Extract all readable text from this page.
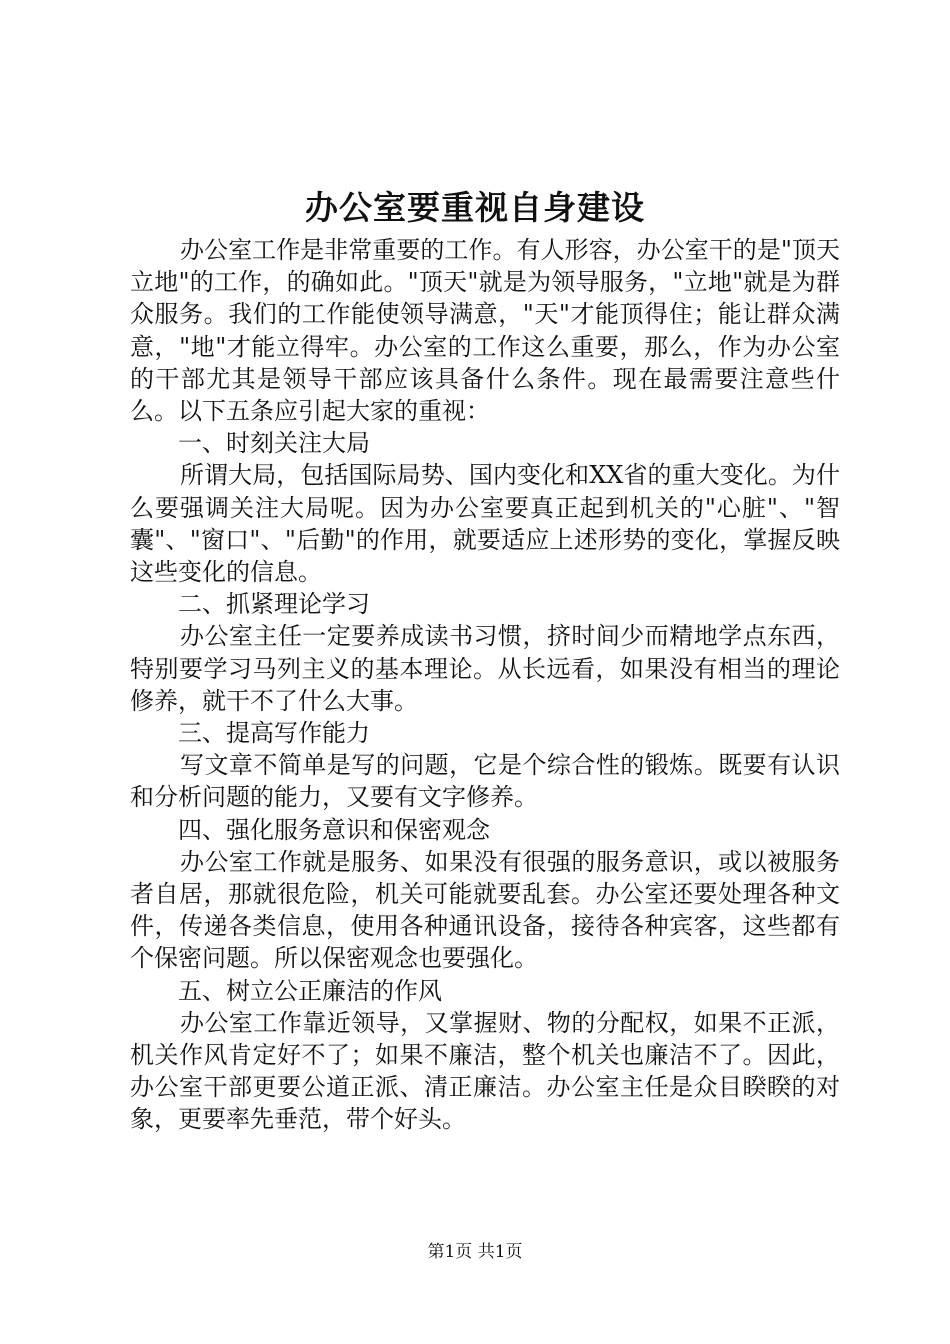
办公室要重视自身建设

办公室工作是非常重要的工作。有人形容，办公室干的是"顶天立地"的工作，的确如此。"顶天"就是为领导服务，"立地"就是为群众服务。我们的工作能使领导满意，"天"才能顶得住；能让群众满意，"地"才能立得牢。办公室的工作这么重要，那么，作为办公室的干部尤其是领导干部应该具备什么条件。现在最需要注意些什么。以下五条应引起大家的重视：

一、时刻关注大局

所谓大局，包括国际局势、国内变化和XX省的重大变化。为什么要强调关注大局呢。因为办公室要真正起到机关的"心脏"、"智囊"、"窗口"、"后勤"的作用，就要适应上述形势的变化，掌握反映这些变化的信息。

二、抓紧理论学习

办公室主任一定要养成读书习惯，挤时间少而精地学点东西，特别要学习马列主义的基本理论。从长远看，如果没有相当的理论修养，就干不了什么大事。

三、提高写作能力

写文章不简单是写的问题，它是个综合性的锻炼。既要有认识和分析问题的能力，又要有文字修养。

四、强化服务意识和保密观念

办公室工作就是服务、如果没有很强的服务意识，或以被服务者自居，那就很危险，机关可能就要乱套。办公室还要处理各种文件，传递各类信息，使用各种通讯设备，接待各种宾客，这些都有个保密问题。所以保密观念也要强化。

五、树立公正廉洁的作风

办公室工作靠近领导，又掌握财、物的分配权，如果不正派，机关作风肯定好不了；如果不廉洁，整个机关也廉洁不了。因此，办公室干部更要公道正派、清正廉洁。办公室主任是众目睽睽的对象，更要率先垂范，带个好头。

第1页 共1页
